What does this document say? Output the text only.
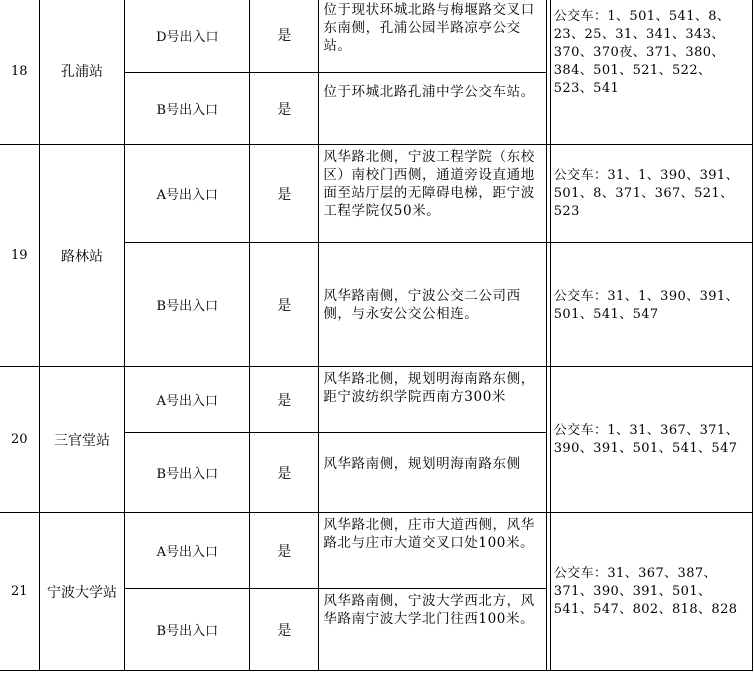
18	孔浦站	D号出入口	是	位于现状环城北路与梅堰路交叉口东南侧，孔浦公园半路凉亭公交站。		公交车：1、501、541、8、23、25、31、341、343、370、370夜、371、380、384、501、521、522、523、541
		B号出入口	是	位于环城北路孔浦中学公交车站。		
19	路林站	A号出入口	是	风华路北侧，宁波工程学院（东校区）南校门西侧，通道旁设直通地面至站厅层的无障碍电梯，距宁波工程学院仅50米。		公交车：31、1、390、391、501、8、371、367、521、523
		B号出入口	是	风华路南侧，宁波公交二公司西侧，与永安公交公相连。		公交车：31、1、390、391、501、541、547
20	三官堂站	A号出入口	是	风华路北侧，规划明海南路东侧，距宁波纺织学院西南方300米		公交车：1、31、367、371、390、391、501、541、547
		B号出入口	是	风华路南侧，规划明海南路东侧		
21	宁波大学站	A号出入口	是	风华路北侧，庄市大道西侧，风华路北与庄市大道交叉口处100米。		公交车：31、367、387、371、390、391、501、541、547、802、818、828
		B号出入口	是	风华路南侧，宁波大学西北方，风华路南宁波大学北门往西100米。		
